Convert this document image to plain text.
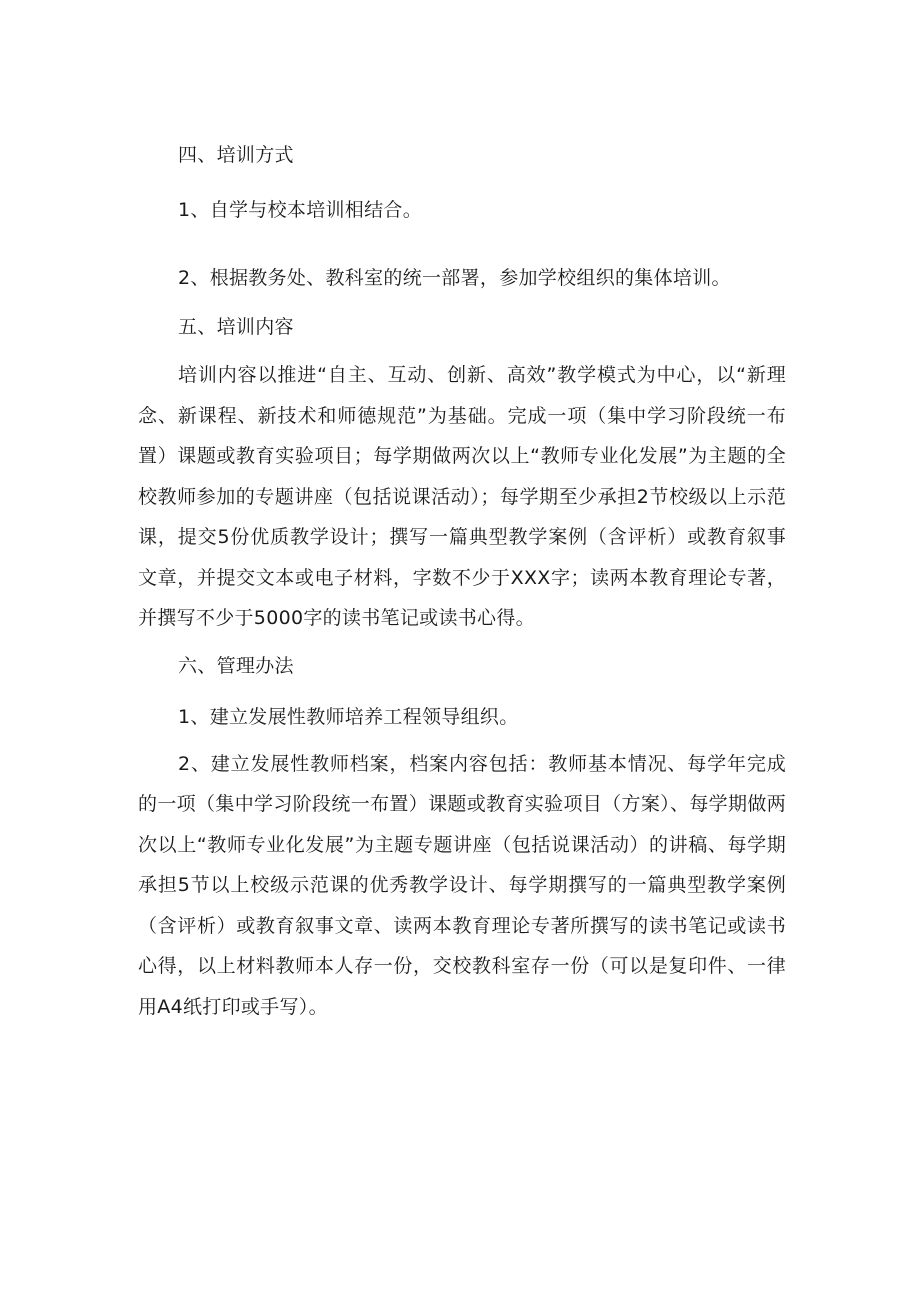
四、培训方式

1、自学与校本培训相结合。

2、根据教务处、教科室的统一部署，参加学校组织的集体培训。

五、培训内容

培训内容以推进“自主、互动、创新、高效”教学模式为中心，以“新理念、新课程、新技术和师德规范”为基础。完成一项（集中学习阶段统一布置）课题或教育实验项目；每学期做两次以上“教师专业化发展”为主题的全校教师参加的专题讲座（包括说课活动）；每学期至少承担2节校级以上示范课，提交5份优质教学设计；撰写一篇典型教学案例（含评析）或教育叙事文章，并提交文本或电子材料，字数不少于XXX字；读两本教育理论专著，并撰写不少于5000字的读书笔记或读书心得。

六、管理办法

1、建立发展性教师培养工程领导组织。

2、建立发展性教师档案，档案内容包括：教师基本情况、每学年完成的一项（集中学习阶段统一布置）课题或教育实验项目（方案）、每学期做两次以上“教师专业化发展”为主题专题讲座（包括说课活动）的讲稿、每学期承担5节以上校级示范课的优秀教学设计、每学期撰写的一篇典型教学案例（含评析）或教育叙事文章、读两本教育理论专著所撰写的读书笔记或读书心得，以上材料教师本人存一份，交校教科室存一份（可以是复印件、一律用A4纸打印或手写）。
